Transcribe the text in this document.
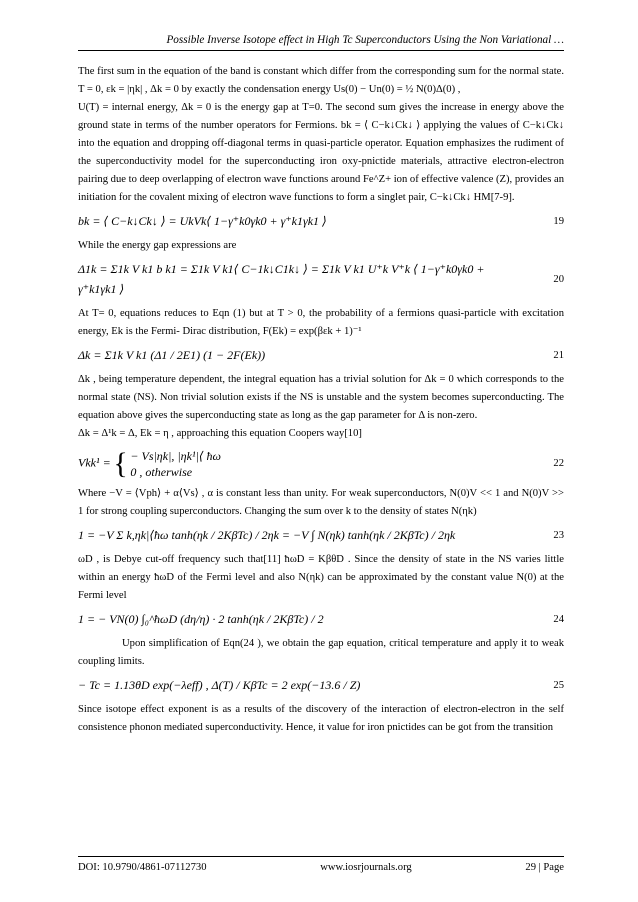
Possible Inverse Isotope effect in High Tc Superconductors Using the Non Variational …

The first sum in the equation of the band is constant which differ from the corresponding sum for the normal state. T = 0, εk = |ηk| , Δk = 0 by exactly the condensation energy Us(0) − Un(0) = ½ N(0)Δ(0) ,

U(T) = internal energy, Δk = 0 is the energy gap at T=0. The second sum gives the increase in energy above the ground state in terms of the number operators for Fermions. bk = ⟨ C−k↓Ck↓ ⟩ applying the values of C−k↓Ck↓ into the equation and dropping off-diagonal terms in quasi-particle operator. Equation emphasizes the rudiment of the superconductivity model for the superconducting iron oxy-pnictide materials, attractive electron-electron pairing due to deep overlapping of electron wave functions around Fe^Z+ ion of effective valence (Z), provides an initiation for the covalent mixing of electron wave functions to form a singlet pair, C−k↓Ck↓ HM[7-9].

bk = ⟨ C−k↓Ck↓ ⟩ = UkVk⟨ 1−γ⁺k0γk0 + γ⁺k1γk1 ⟩	19

While the energy gap expressions are

Δ1k = Σ1k V k1 b k1 = Σ1k V k1⟨ C−1k↓C1k↓ ⟩ = Σ1k V k1 U⁺k V⁺k ⟨ 1−γ⁺k0γk0 + γ⁺k1γk1 ⟩
20

At T= 0, equations reduces to Eqn (1) but at T > 0, the probability of a fermions quasi-particle with excitation energy, Ek is the Fermi- Dirac distribution, F(Ek) = exp(βεk + 1)⁻¹

Δk = Σ1k V k1 (Δ1 / 2E1) (1 − 2F(Ek))	21

Δk , being temperature dependent, the integral equation has a trivial solution for Δk = 0 which corresponds to the normal state (NS). Non trivial solution exists if the NS is unstable and the system becomes superconducting. The equation above gives the superconducting state as long as the gap parameter for Δ is non-zero.

Δk = Δ¹k = Δ, Ek = η , approaching this equation Coopers way[10]

Vkk¹ = { − Vs|ηk|, |ηk¹|⟨ ħω
0 , otherwise
22

Where −V = ⟨Vph⟩ + α⟨Vs⟩ , α is constant less than unity. For weak superconductors, N(0)V << 1 and N(0)V >> 1 for strong coupling superconductors. Changing the sum over k to the density of states N(ηk)

1 = −V Σ k,ηk|⟨ħω tanh(ηk / 2KβTc) / 2ηk = −V ∫ N(ηk) tanh(ηk / 2KβTc) / 2ηk	23

ωD , is Debye cut-off frequency such that[11] ħωD = KβθD . Since the density of state in the NS varies little within an energy ħωD of the Fermi level and also N(ηk) can be approximated by the constant value N(0) at the Fermi level

1 = − VN(0) ∫₀^ħωD (dη/η) · 2 tanh(ηk / 2KβTc) / 2	24

Upon simplification of Eqn(24 ), we obtain the gap equation, critical temperature and apply it to weak coupling limits.

− Tc = 1.13θD exp(−λeff) , Δ(T) / KβTc = 2 exp(−13.6 / Z)	25

Since isotope effect exponent is as a results of the discovery of the interaction of electron-electron in the self consistence phonon mediated superconductivity. Hence, it value for iron pnictides can be got from the transition

DOI: 10.9790/4861-07112730	www.iosrjournals.org	29 | Page
